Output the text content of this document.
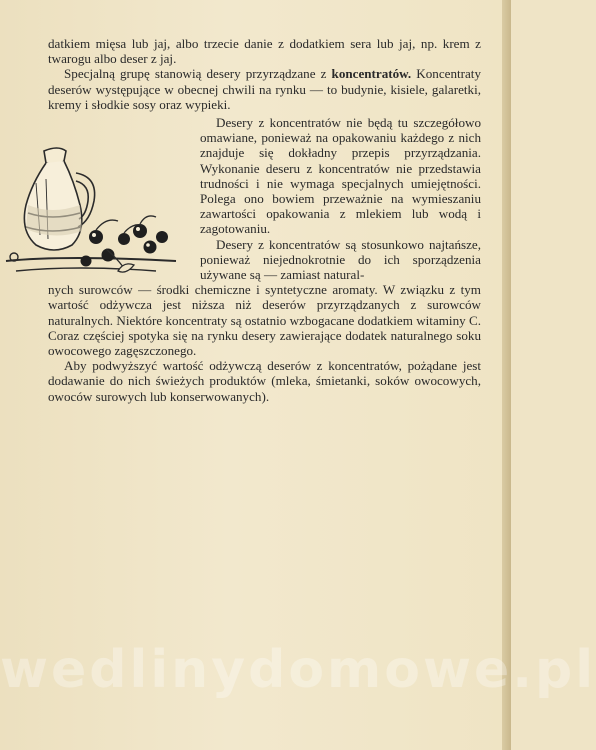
datkiem mięsa lub jaj, albo trzecie danie z dodatkiem sera lub jaj, np. krem z twarogu albo deser z jaj.

Specjalną grupę stanowią desery przyrządzane z koncentratów. Koncentraty deserów występujące w obecnej chwili na rynku — to budynie, kisiele, galaretki, kremy i słodkie sosy oraz wypieki.

Desery z koncentratów nie będą tu szczegółowo omawiane, ponieważ na opakowaniu każdego z nich znajduje się dokładny przepis przyrządzania. Wykonanie deseru z koncentratów nie przedstawia trudności i nie wymaga specjalnych umiejętności. Polega ono bowiem przeważnie na wymieszaniu zawartości opakowania z mlekiem lub wodą i zagotowaniu.

Desery z koncentratów są stosunkowo najtańsze, ponieważ niejednokrotnie do ich sporządzenia używane są — zamiast natural-

nych surowców — środki chemiczne i syntetyczne aromaty. W związku z tym wartość odżywcza jest niższa niż deserów przyrządzanych z surowców naturalnych. Niektóre koncentraty są ostatnio wzbogacane dodatkiem witaminy C. Coraz częściej spotyka się na rynku desery zawierające dodatek naturalnego soku owocowego zagęszczonego.

Aby podwyższyć wartość odżywczą deserów z koncentratów, pożądane jest dodawanie do nich świeżych produktów (mleka, śmietanki, soków owocowych, owoców surowych lub konserwowanych).

wedlinydomowe.pl
